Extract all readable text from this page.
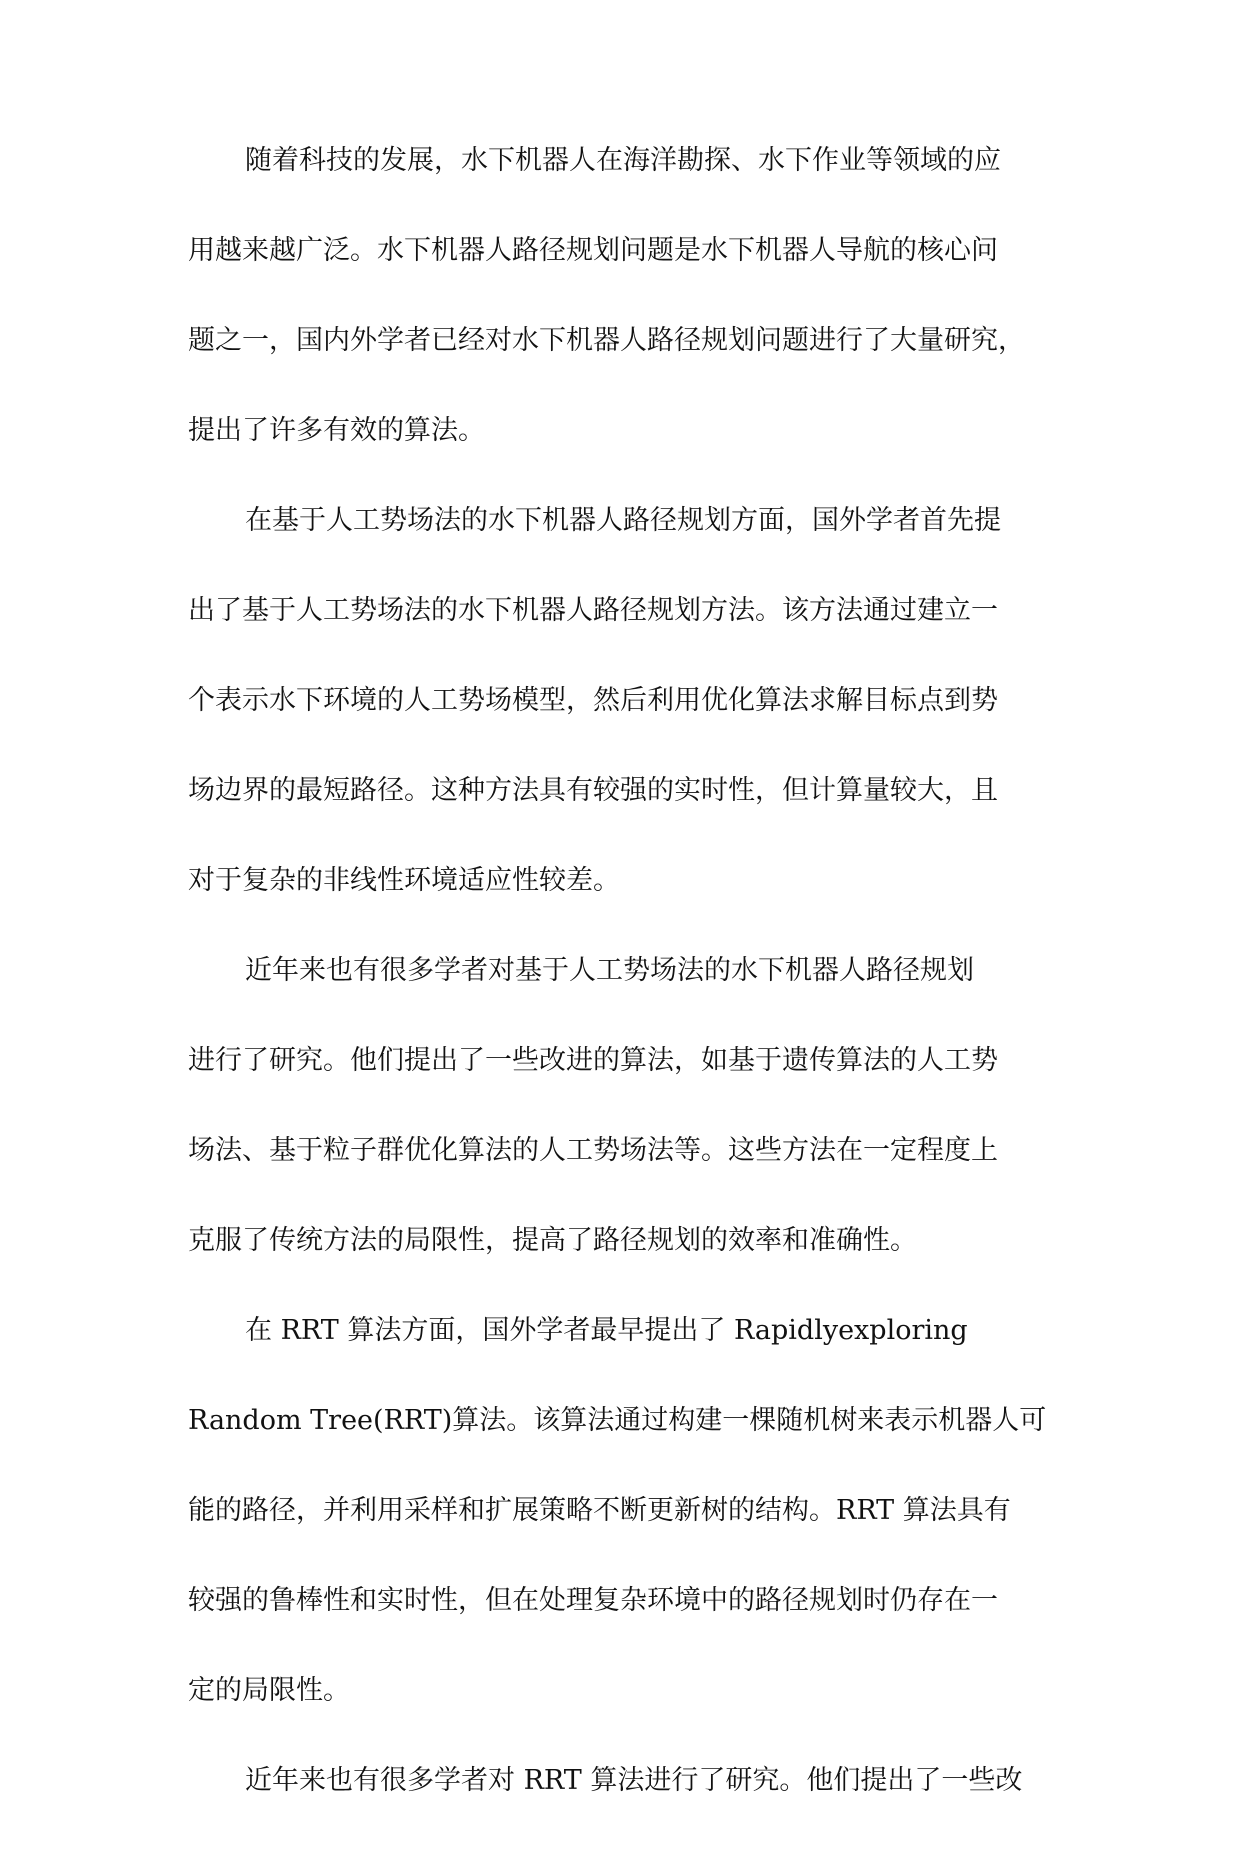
随着科技的发展，水下机器人在海洋勘探、水下作业等领域的应
用越来越广泛。水下机器人路径规划问题是水下机器人导航的核心问
题之一，国内外学者已经对水下机器人路径规划问题进行了大量研究，
提出了许多有效的算法。
在基于人工势场法的水下机器人路径规划方面，国外学者首先提
出了基于人工势场法的水下机器人路径规划方法。该方法通过建立一
个表示水下环境的人工势场模型，然后利用优化算法求解目标点到势
场边界的最短路径。这种方法具有较强的实时性，但计算量较大，且
对于复杂的非线性环境适应性较差。
近年来也有很多学者对基于人工势场法的水下机器人路径规划
进行了研究。他们提出了一些改进的算法，如基于遗传算法的人工势
场法、基于粒子群优化算法的人工势场法等。这些方法在一定程度上
克服了传统方法的局限性，提高了路径规划的效率和准确性。
在 RRT 算法方面，国外学者最早提出了 Rapidlyexploring
Random Tree(RRT)算法。该算法通过构建一棵随机树来表示机器人可
能的路径，并利用采样和扩展策略不断更新树的结构。RRT 算法具有
较强的鲁棒性和实时性，但在处理复杂环境中的路径规划时仍存在一
定的局限性。
近年来也有很多学者对 RRT 算法进行了研究。他们提出了一些改
